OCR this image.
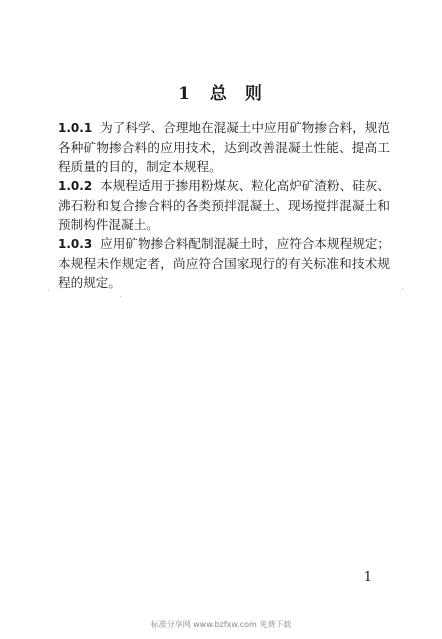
1 总 则

1.0.1 为了科学、合理地在混凝土中应用矿物掺合料，规范各种矿物掺合料的应用技术，达到改善混凝土性能、提高工程质量的目的，制定本规程。

1.0.2 本规程适用于掺用粉煤灰、粒化高炉矿渣粉、硅灰、沸石粉和复合掺合料的各类预拌混凝土、现场搅拌混凝土和预制构件混凝土。

1.0.3 应用矿物掺合料配制混凝土时，应符合本规程规定；本规程未作规定者，尚应符合国家现行的有关标准和技术规程的规定。

1
标准分享网 www.bzfxw.com 免费下载
